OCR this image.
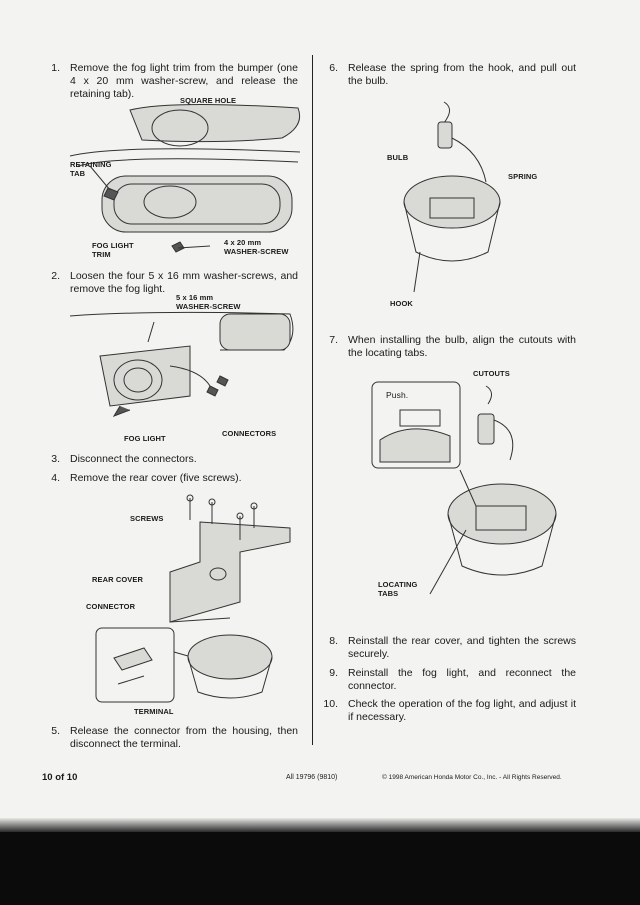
1. Remove the fog light trim from the bumper (one 4 x 20 mm washer-screw, and release the retaining tab).
SQUARE HOLE
RETAINING
TAB
FOG LIGHT
TRIM
4 x 20 mm
WASHER-SCREW
2. Loosen the four 5 x 16 mm washer-screws, and remove the fog light.
5 x 16 mm
WASHER-SCREW
FOG LIGHT
CONNECTORS
3. Disconnect the connectors.
4. Remove the rear cover (five screws).
SCREWS
REAR COVER
CONNECTOR
TERMINAL
5. Release the connector from the housing, then disconnect the terminal.
6. Release the spring from the hook, and pull out the bulb.
BULB
SPRING
HOOK
7. When installing the bulb, align the cutouts with the locating tabs.
CUTOUTS
Push.
LOCATING
TABS
8. Reinstall the rear cover, and tighten the screws securely.
9. Reinstall the fog light, and reconnect the connector.
10. Check the operation of the fog light, and adjust it if necessary.
10 of 10	All 19796 (9810)	© 1998 American Honda Motor Co., Inc. - All Rights Reserved.
